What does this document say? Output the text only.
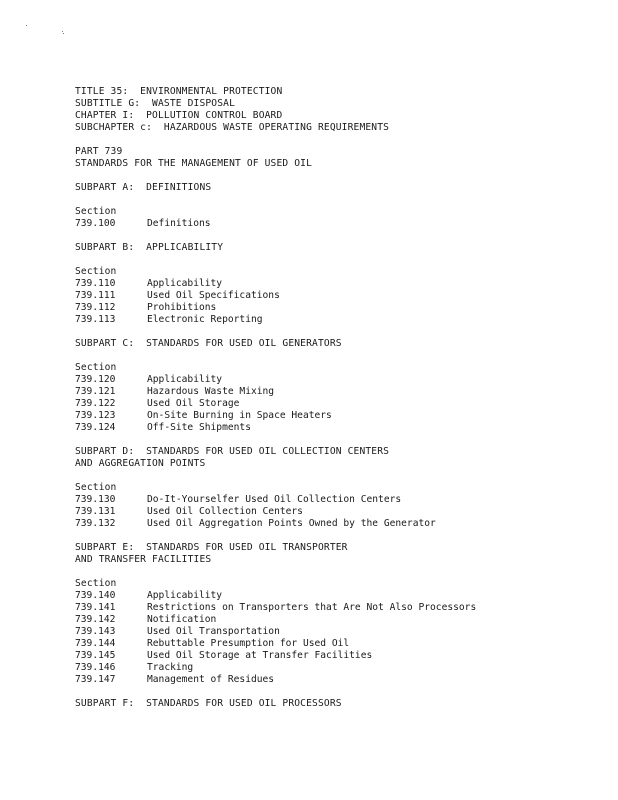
TITLE 35:  ENVIRONMENTAL PROTECTION
SUBTITLE G:  WASTE DISPOSAL
CHAPTER I:  POLLUTION CONTROL BOARD
SUBCHAPTER c:  HAZARDOUS WASTE OPERATING REQUIREMENTS
PART 739
STANDARDS FOR THE MANAGEMENT OF USED OIL
SUBPART A:  DEFINITIONS
Section
739.100	Definitions
SUBPART B:  APPLICABILITY
Section
739.110	Applicability
739.111	Used Oil Specifications
739.112	Prohibitions
739.113	Electronic Reporting
SUBPART C:  STANDARDS FOR USED OIL GENERATORS
Section
739.120	Applicability
739.121	Hazardous Waste Mixing
739.122	Used Oil Storage
739.123	On-Site Burning in Space Heaters
739.124	Off-Site Shipments
SUBPART D:  STANDARDS FOR USED OIL COLLECTION CENTERS
AND AGGREGATION POINTS
Section
739.130	Do-It-Yourselfer Used Oil Collection Centers
739.131	Used Oil Collection Centers
739.132	Used Oil Aggregation Points Owned by the Generator
SUBPART E:  STANDARDS FOR USED OIL TRANSPORTER
AND TRANSFER FACILITIES
Section
739.140	Applicability
739.141	Restrictions on Transporters that Are Not Also Processors
739.142	Notification
739.143	Used Oil Transportation
739.144	Rebuttable Presumption for Used Oil
739.145	Used Oil Storage at Transfer Facilities
739.146	Tracking
739.147	Management of Residues
SUBPART F:  STANDARDS FOR USED OIL PROCESSORS
